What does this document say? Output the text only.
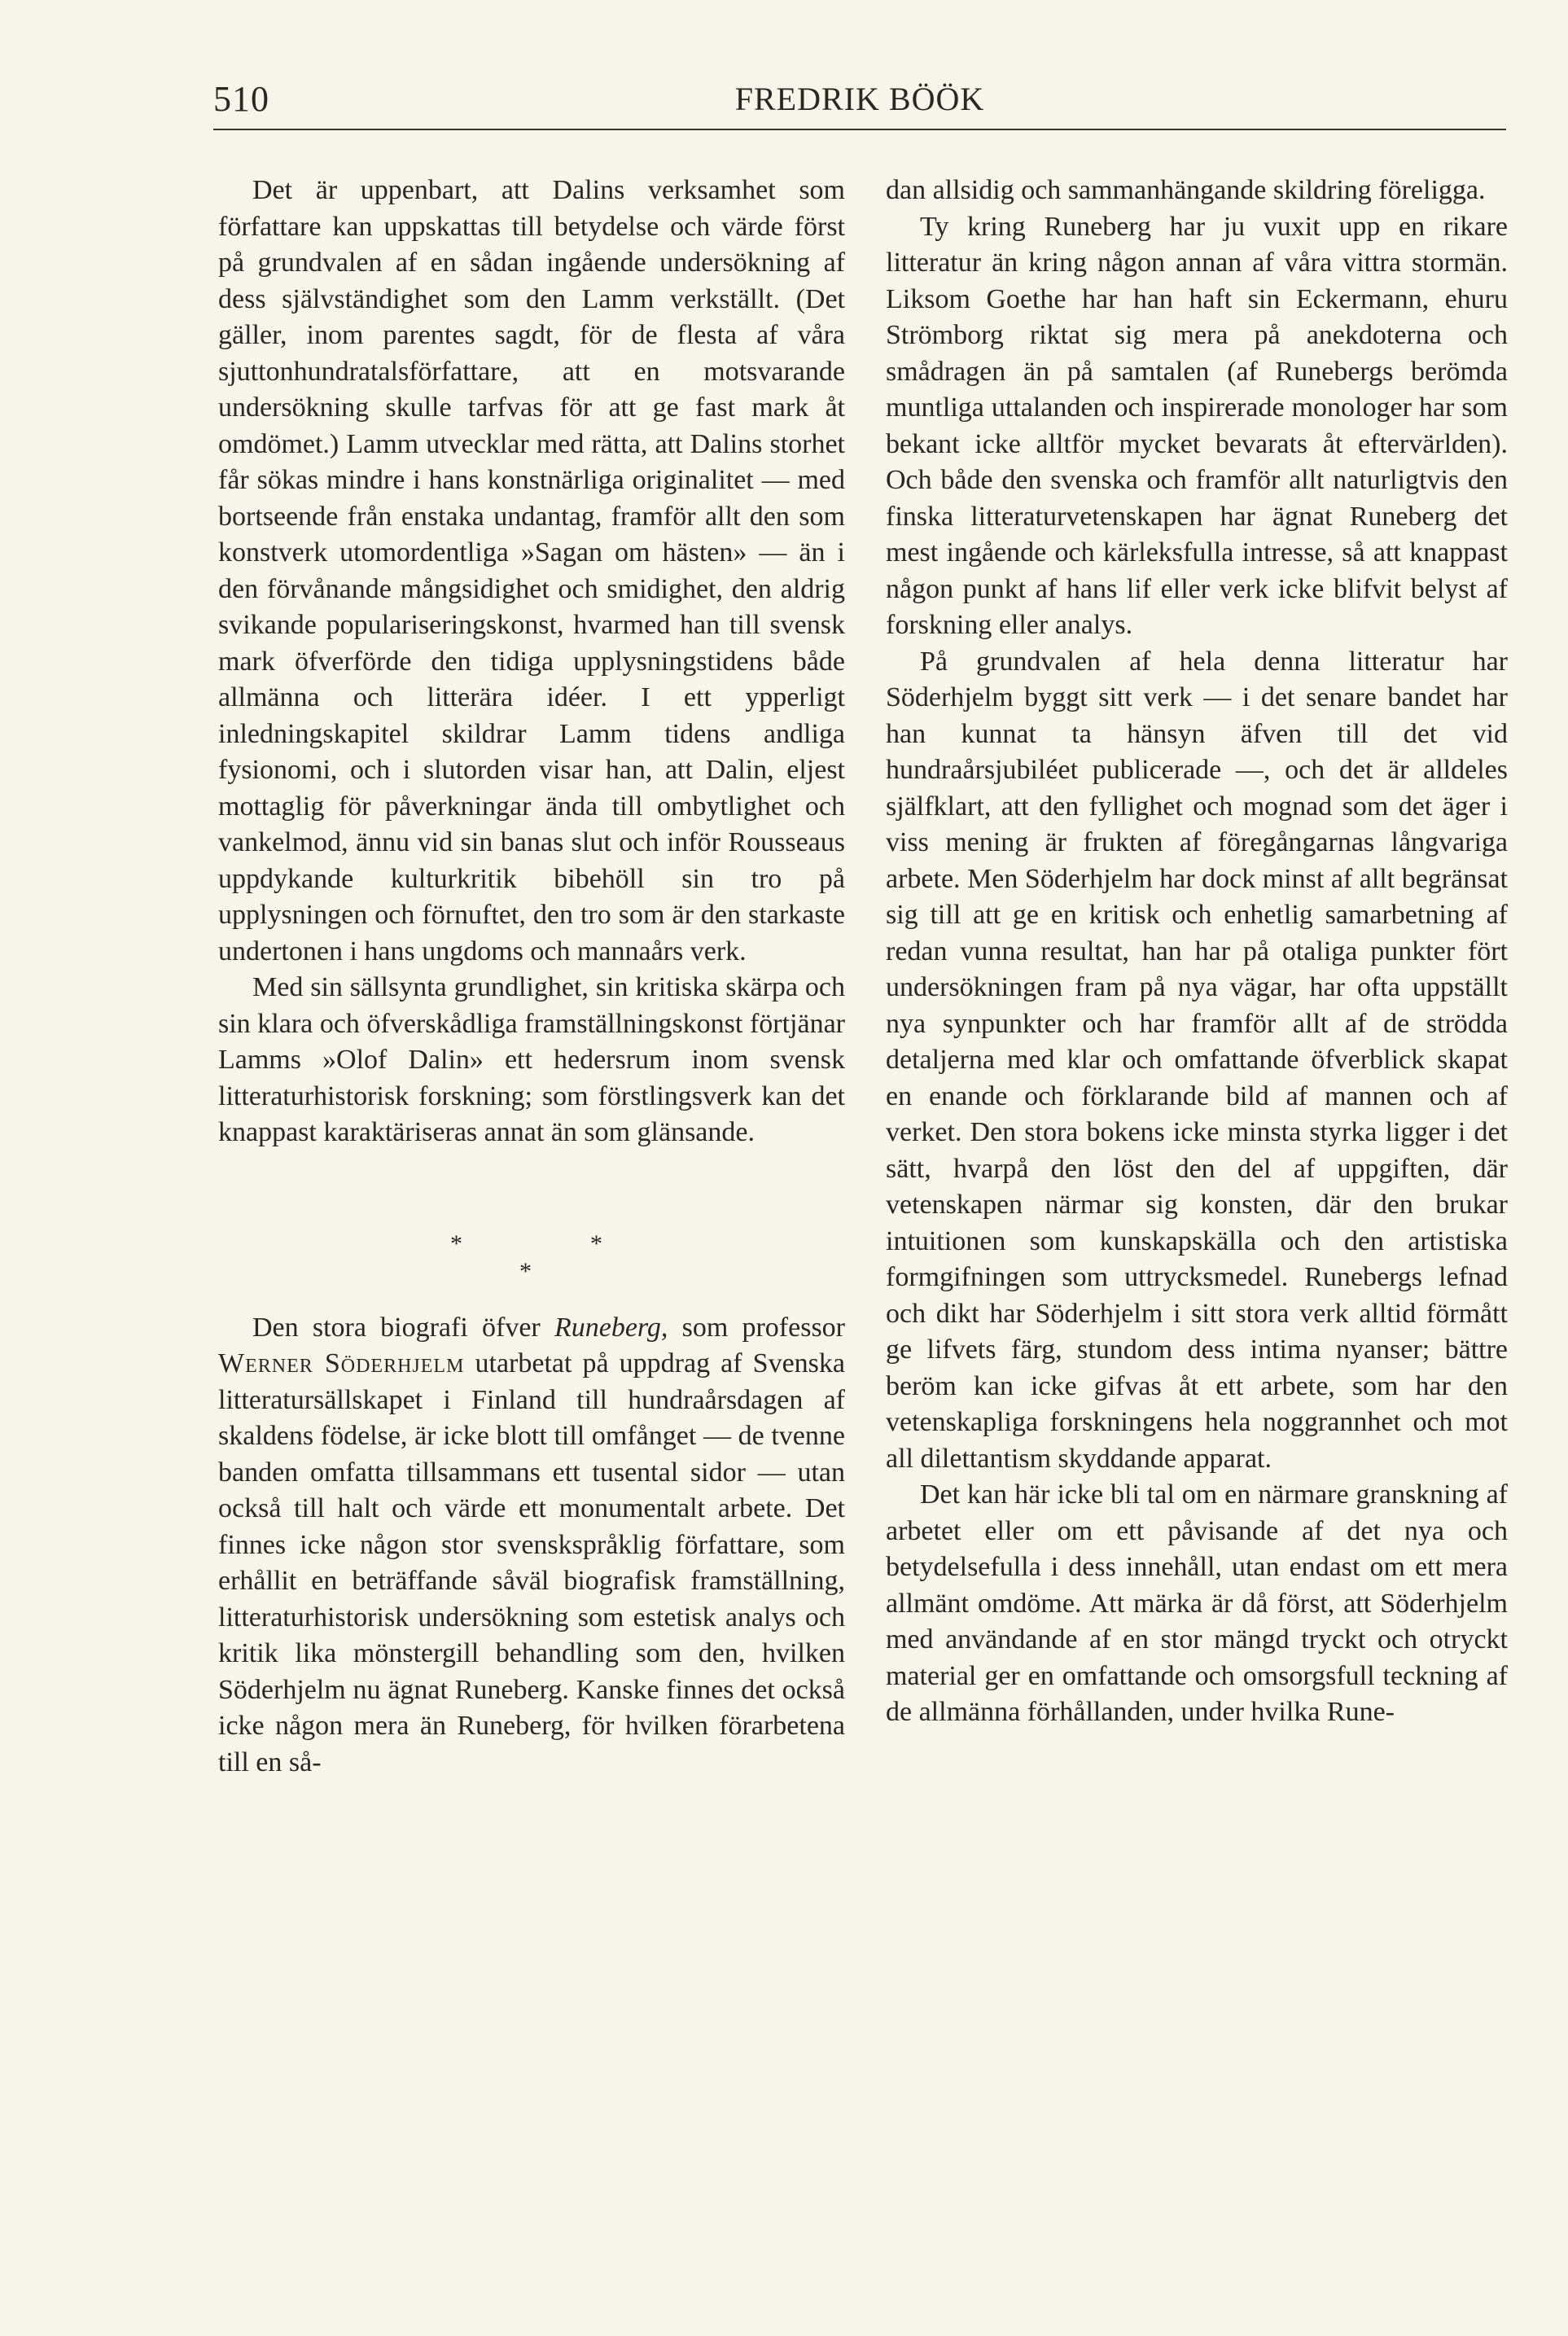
510	FREDRIK BÖÖK

Det är uppenbart, att Dalins verksamhet som författare kan uppskattas till betydelse och värde först på grundvalen af en sådan ingående undersökning af dess självständighet som den Lamm verkställt. (Det gäller, inom parentes sagdt, för de flesta af våra sjuttonhundratalsförfattare, att en motsvarande undersökning skulle tarfvas för att ge fast mark åt omdömet.) Lamm utvecklar med rätta, att Dalins storhet får sökas mindre i hans konstnärliga originalitet — med bortseende från enstaka undantag, framför allt den som konstverk utomordentliga »Sagan om hästen» — än i den förvånande mångsidighet och smidighet, den aldrig svikande populariseringskonst, hvarmed han till svensk mark öfverförde den tidiga upplysningstidens både allmänna och litterära idéer. I ett ypperligt inledningskapitel skildrar Lamm tidens andliga fysionomi, och i slutorden visar han, att Dalin, eljest mottaglig för påverkningar ända till ombytlighet och vankelmod, ännu vid sin banas slut och inför Rousseaus uppdykande kulturkritik bibehöll sin tro på upplysningen och förnuftet, den tro som är den starkaste undertonen i hans ungdoms och mannaårs verk.

Med sin sällsynta grundlighet, sin kritiska skärpa och sin klara och öfverskådliga framställningskonst förtjänar Lamms »Olof Dalin» ett hedersrum inom svensk litteraturhistorisk forskning; som förstlingsverk kan det knappast karaktäriseras annat än som glänsande.

*	*
*

Den stora biografi öfver Runeberg, som professor Werner Söderhjelm utarbetat på uppdrag af Svenska litteratursällskapet i Finland till hundraårsdagen af skaldens födelse, är icke blott till omfånget — de tvenne banden omfatta tillsammans ett tusental sidor — utan också till halt och värde ett monumentalt arbete. Det finnes icke någon stor svenskspråklig författare, som erhållit en beträffande såväl biografisk framställning, litteraturhistorisk undersökning som estetisk analys och kritik lika mönstergill behandling som den, hvilken Söderhjelm nu ägnat Runeberg. Kanske finnes det också icke någon mera än Runeberg, för hvilken förarbetena till en så-

dan allsidig och sammanhängande skildring föreligga.

Ty kring Runeberg har ju vuxit upp en rikare litteratur än kring någon annan af våra vittra stormän. Liksom Goethe har han haft sin Eckermann, ehuru Strömborg riktat sig mera på anekdoterna och smådragen än på samtalen (af Runebergs berömda muntliga uttalanden och inspirerade monologer har som bekant icke alltför mycket bevarats åt eftervärlden). Och både den svenska och framför allt naturligtvis den finska litteraturvetenskapen har ägnat Runeberg det mest ingående och kärleksfulla intresse, så att knappast någon punkt af hans lif eller verk icke blifvit belyst af forskning eller analys.

På grundvalen af hela denna litteratur har Söderhjelm byggt sitt verk — i det senare bandet har han kunnat ta hänsyn äfven till det vid hundraårsjubiléet publicerade —, och det är alldeles själfklart, att den fyllighet och mognad som det äger i viss mening är frukten af föregångarnas långvariga arbete. Men Söderhjelm har dock minst af allt begränsat sig till att ge en kritisk och enhetlig samarbetning af redan vunna resultat, han har på otaliga punkter fört undersökningen fram på nya vägar, har ofta uppställt nya synpunkter och har framför allt af de strödda detaljerna med klar och omfattande öfverblick skapat en enande och förklarande bild af mannen och af verket. Den stora bokens icke minsta styrka ligger i det sätt, hvarpå den löst den del af uppgiften, där vetenskapen närmar sig konsten, där den brukar intuitionen som kunskapskälla och den artistiska formgifningen som uttrycksmedel. Runebergs lefnad och dikt har Söderhjelm i sitt stora verk alltid förmått ge lifvets färg, stundom dess intima nyanser; bättre beröm kan icke gifvas åt ett arbete, som har den vetenskapliga forskningens hela noggrannhet och mot all dilettantism skyddande apparat.

Det kan här icke bli tal om en närmare granskning af arbetet eller om ett påvisande af det nya och betydelsefulla i dess innehåll, utan endast om ett mera allmänt omdöme. Att märka är då först, att Söderhjelm med användande af en stor mängd tryckt och otryckt material ger en omfattande och omsorgsfull teckning af de allmänna förhållanden, under hvilka Rune-
